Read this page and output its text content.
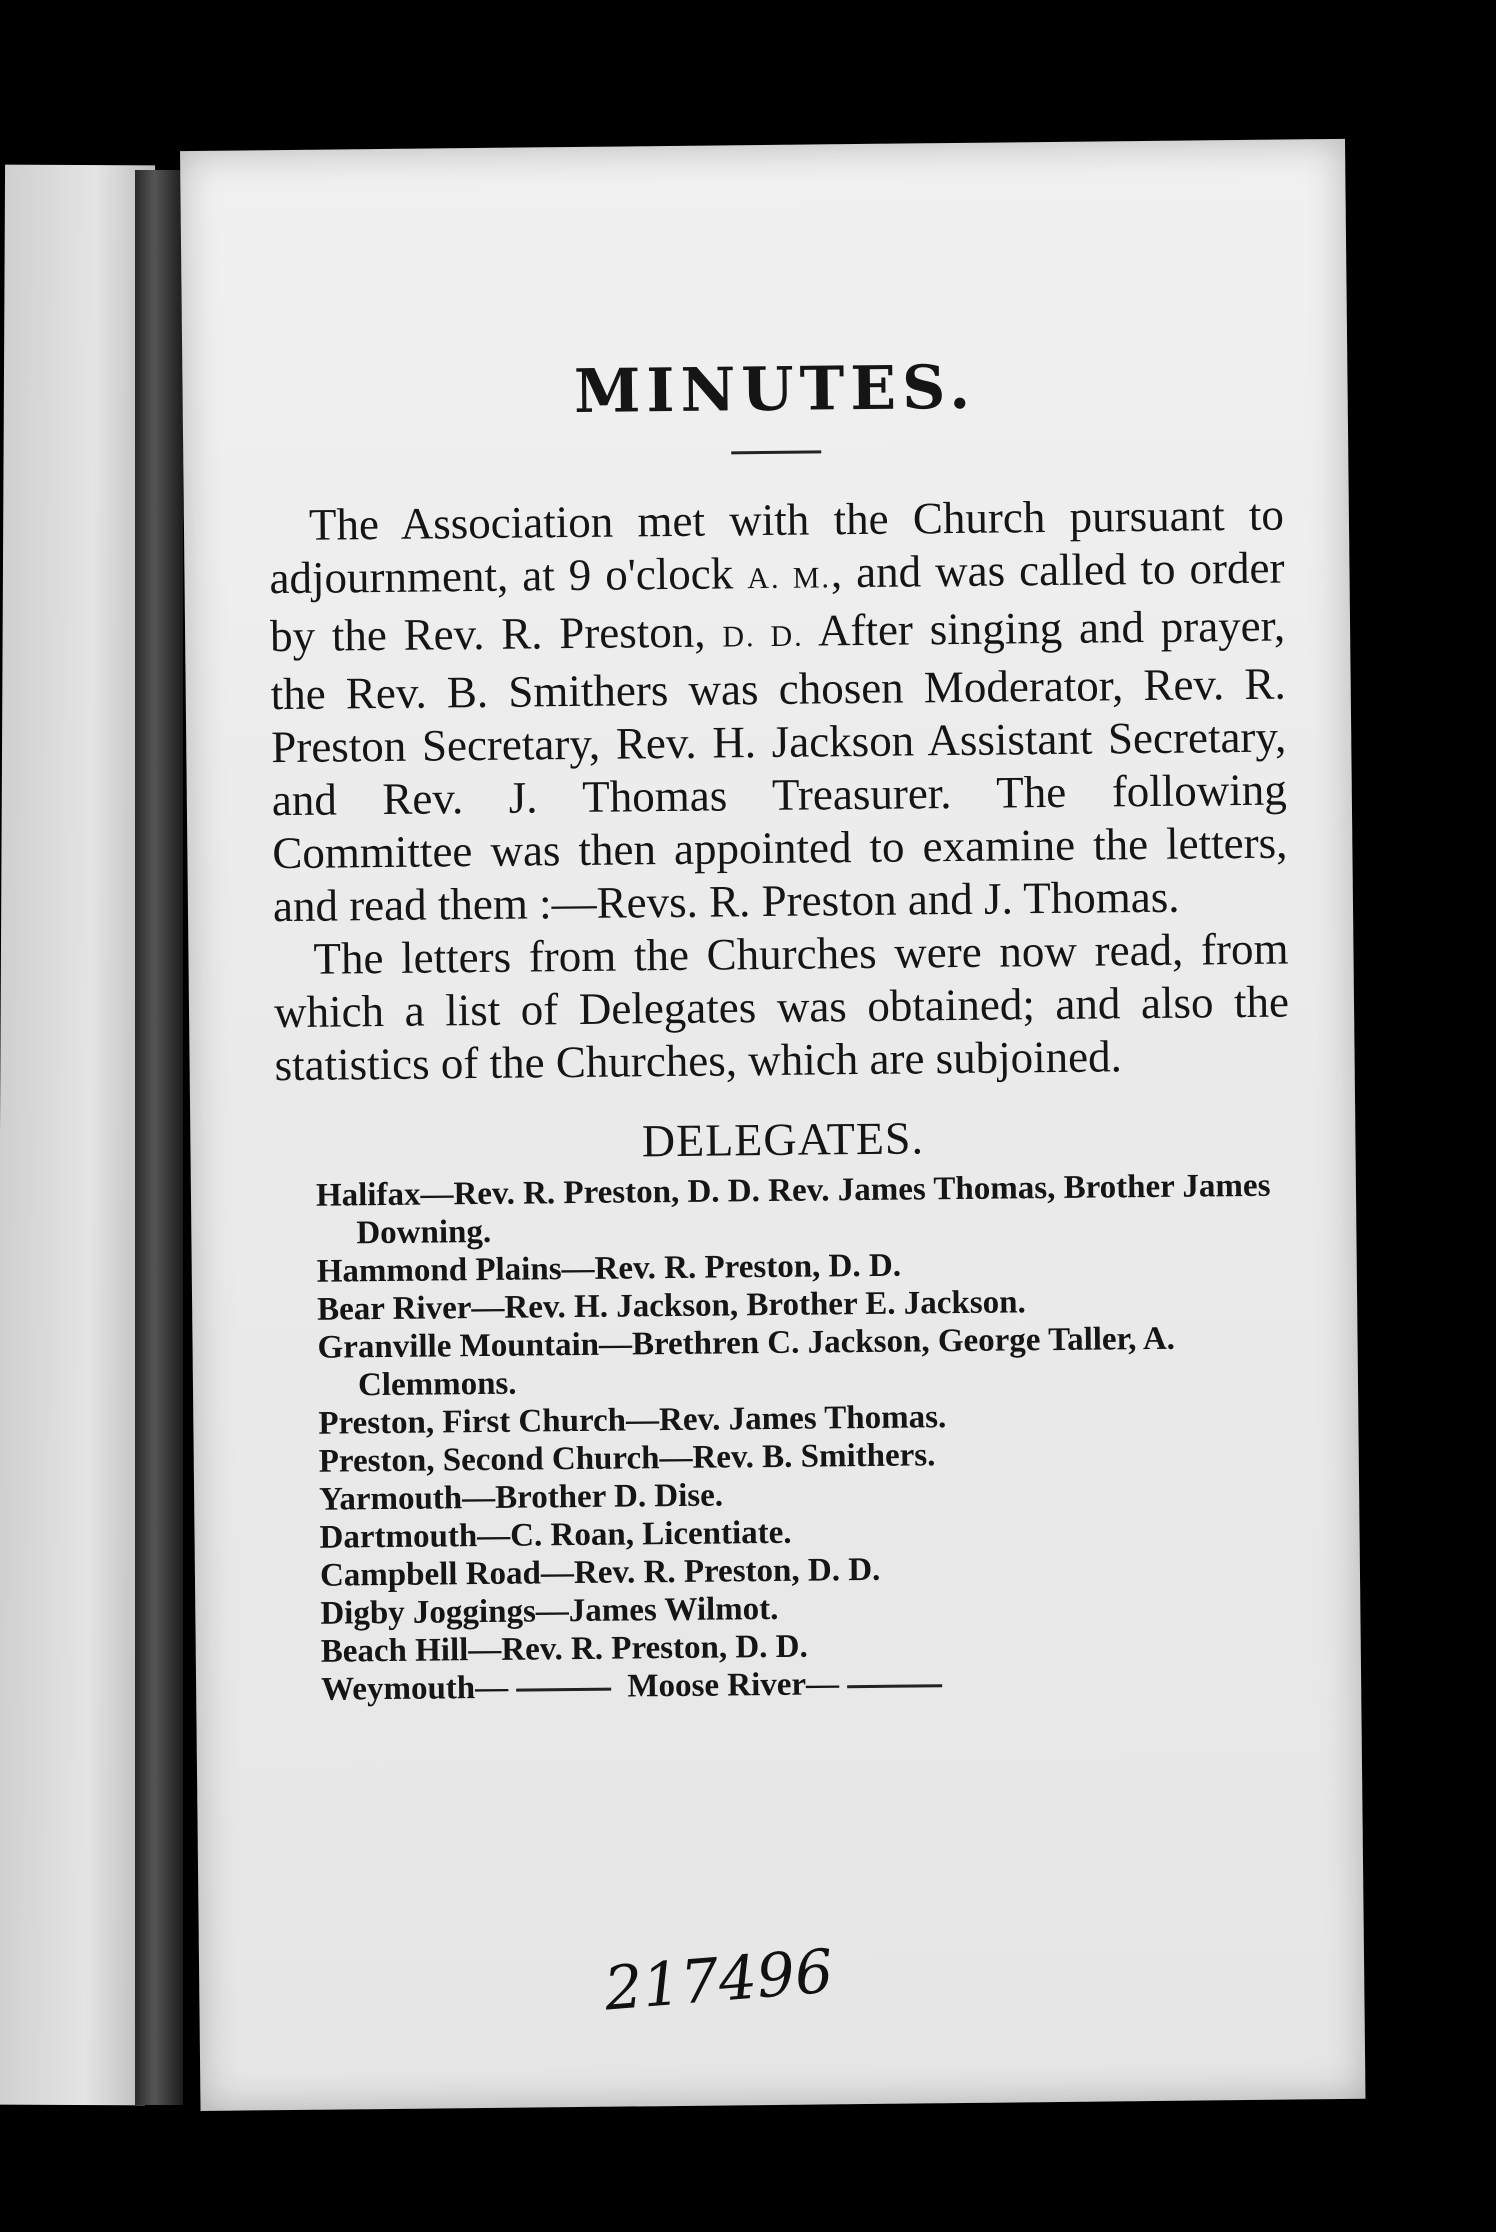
MINUTES.

The Association met with the Church pursuant to adjournment, at 9 o'clock A. M., and was called to order by the Rev. R. Preston, D. D. After singing and prayer, the Rev. B. Smithers was chosen Moderator, Rev. R. Preston Secretary, Rev. H. Jackson Assistant Secretary, and Rev. J. Thomas Treasurer. The following Committee was then appointed to examine the letters, and read them :—Revs. R. Preston and J. Thomas.

The letters from the Churches were now read, from which a list of Delegates was obtained; and also the statistics of the Churches, which are subjoined.

DELEGATES.
Halifax—Rev. R. Preston, D. D. Rev. James Thomas, Brother James Downing.
Hammond Plains—Rev. R. Preston, D. D.
Bear River—Rev. H. Jackson, Brother E. Jackson.
Granville Mountain—Brethren C. Jackson, George Taller, A. Clemmons.
Preston, First Church—Rev. James Thomas.
Preston, Second Church—Rev. B. Smithers.
Yarmouth—Brother D. Dise.
Dartmouth—C. Roan, Licentiate.
Campbell Road—Rev. R. Preston, D. D.
Digby Joggings—James Wilmot.
Beach Hill—Rev. R. Preston, D. D.
Weymouth—	Moose River—
217496
